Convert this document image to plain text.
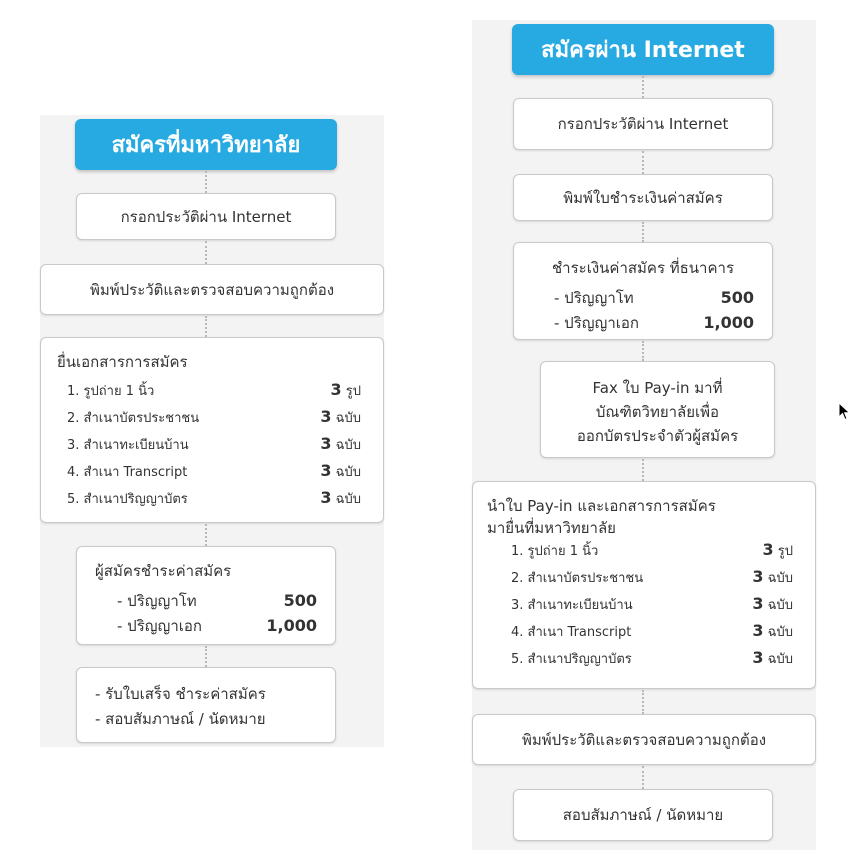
สมัครที่มหาวิทยาลัย
กรอกประวัติผ่าน Internet
พิมพ์ประวัติและตรวจสอบความถูกต้อง
ยื่นเอกสารการสมัคร
1. รูปถ่าย 1 นิ้ว	3 รูป
2. สำเนาบัตรประชาชน	3 ฉบับ
3. สำเนาทะเบียนบ้าน	3 ฉบับ
4. สำเนา Transcript	3 ฉบับ
5. สำเนาปริญญาบัตร	3 ฉบับ
ผู้สมัครชำระค่าสมัคร
- ปริญญาโท	500
- ปริญญาเอก	1,000
- รับใบเสร็จ ชำระค่าสมัคร
- สอบสัมภาษณ์ / นัดหมาย
สมัครผ่าน Internet
กรอกประวัติผ่าน Internet
พิมพ์ใบชำระเงินค่าสมัคร
ชำระเงินค่าสมัคร ที่ธนาคาร
- ปริญญาโท	500
- ปริญญาเอก	1,000
Fax ใบ Pay-in มาที่
บัณฑิตวิทยาลัยเพื่อ
ออกบัตรประจำตัวผู้สมัคร
นำใบ Pay-in และเอกสารการสมัคร
มายื่นที่มหาวิทยาลัย
1. รูปถ่าย 1 นิ้ว	3 รูป
2. สำเนาบัตรประชาชน	3 ฉบับ
3. สำเนาทะเบียนบ้าน	3 ฉบับ
4. สำเนา Transcript	3 ฉบับ
5. สำเนาปริญญาบัตร	3 ฉบับ
พิมพ์ประวัติและตรวจสอบความถูกต้อง
สอบสัมภาษณ์ / นัดหมาย
